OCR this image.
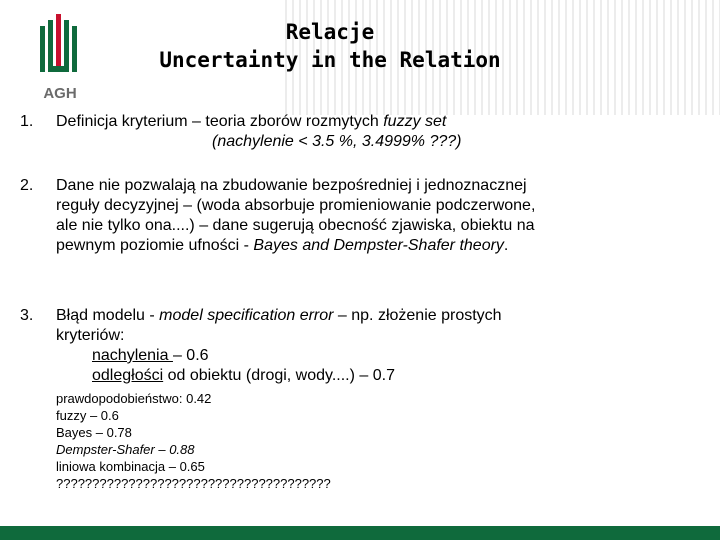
AGH
Relacje
Uncertainty in the Relation
1. Definicja kryterium – teoria zborów rozmytych fuzzy set
(nachylenie < 3.5 %, 3.4999% ???)
2. Dane nie pozwalają na zbudowanie bezpośredniej i jednoznacznej
reguły decyzyjnej – (woda absorbuje promieniowanie podczerwone,
ale nie tylko ona....) – dane sugerują obecność zjawiska, obiektu na
pewnym poziomie ufności - Bayes and Dempster-Shafer theory.
3. Błąd modelu - model specification error – np. złożenie prostych
kryteriów:
nachylenia – 0.6
odległości od obiektu (drogi, wody....) – 0.7
prawdopodobieństwo: 0.42
fuzzy – 0.6
Bayes – 0.78
Dempster-Shafer – 0.88
liniowa kombinacja – 0.65
??????????????????????????????????????
